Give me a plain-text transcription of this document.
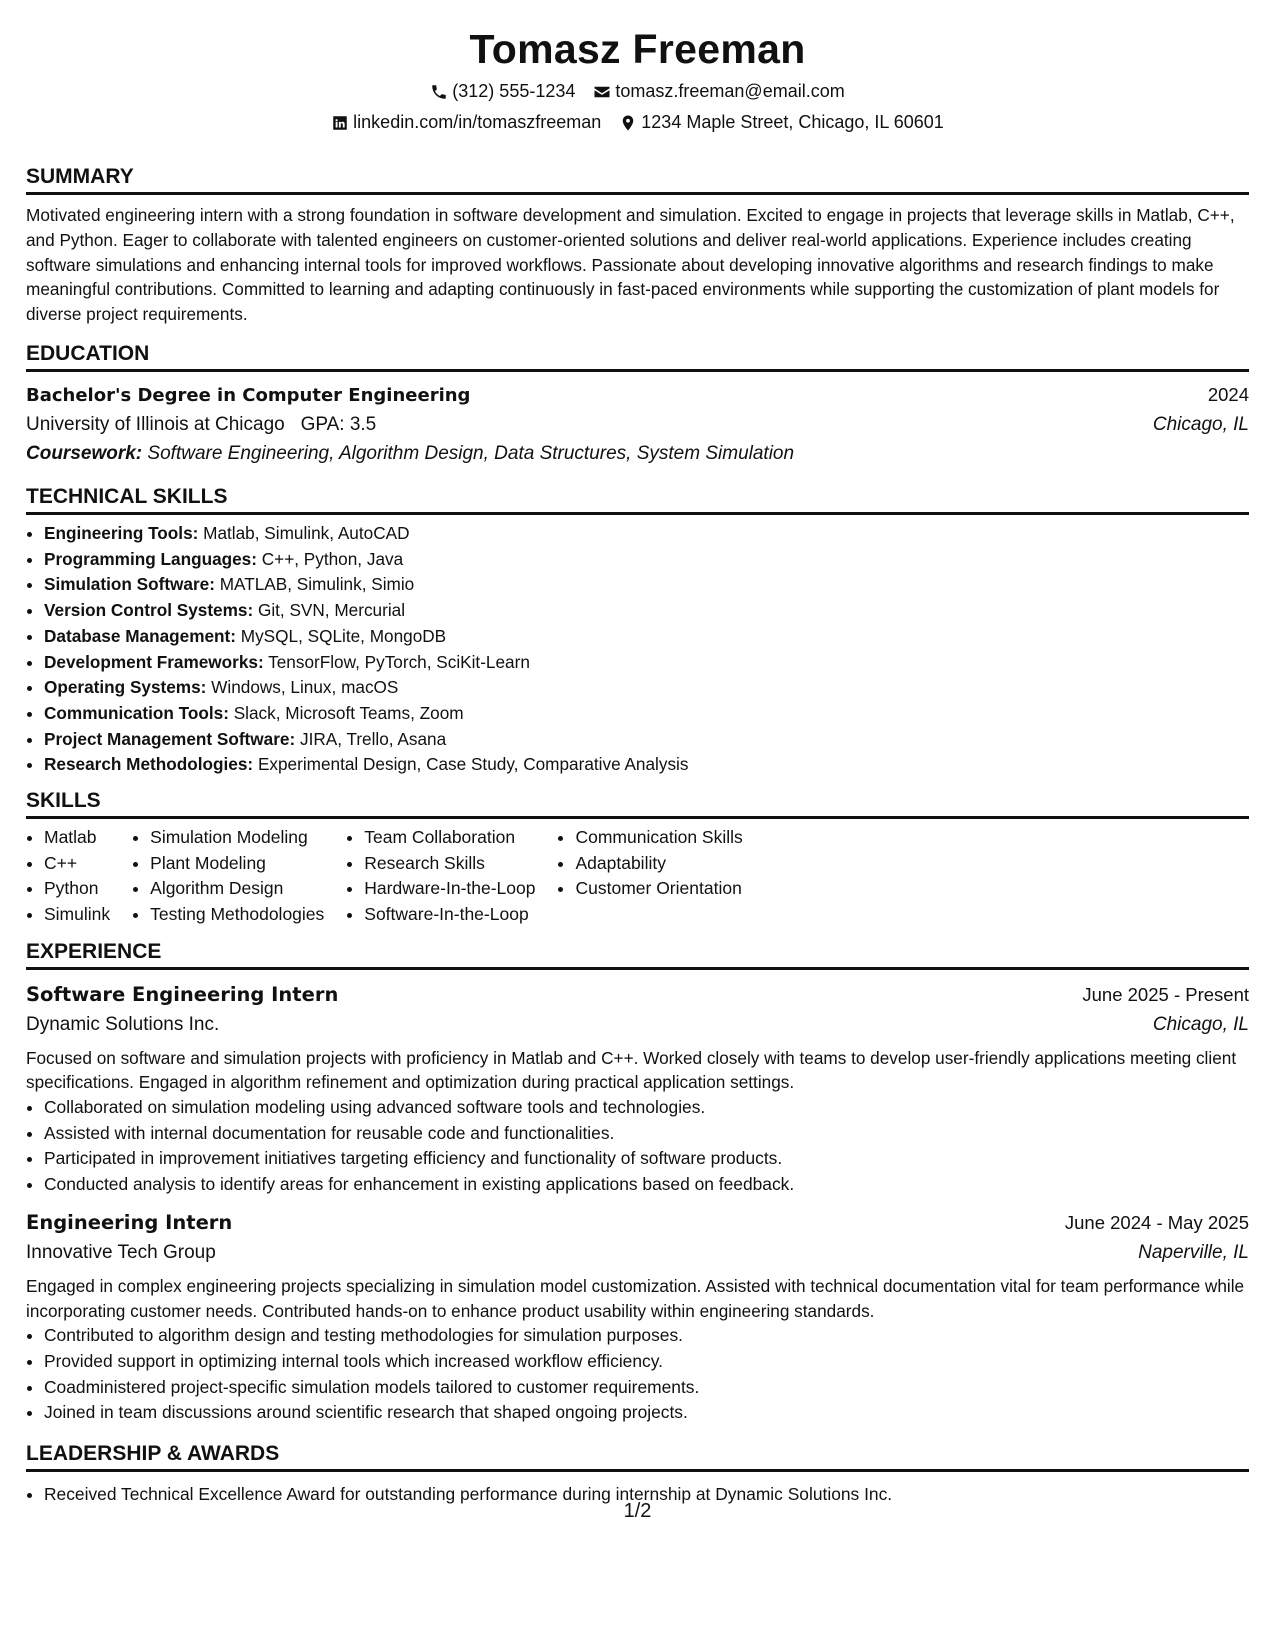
Tomasz Freeman
(312) 555-1234 tomasz.freeman@email.com
linkedin.com/in/tomaszfreeman 1234 Maple Street, Chicago, IL 60601
SUMMARY

Motivated engineering intern with a strong foundation in software development and simulation. Excited to engage in projects that leverage skills in Matlab, C++, and Python. Eager to collaborate with talented engineers on customer-oriented solutions and deliver real-world applications. Experience includes creating software simulations and enhancing internal tools for improved workflows. Passionate about developing innovative algorithms and research findings to make meaningful contributions. Committed to learning and adapting continuously in fast-paced environments while supporting the customization of plant models for diverse project requirements.

EDUCATION
Bachelor's Degree in Computer Engineering	2024
University of Illinois at Chicago GPA: 3.5	Chicago, IL
Coursework: Software Engineering, Algorithm Design, Data Structures, System Simulation
TECHNICAL SKILLS
• Engineering Tools: Matlab, Simulink, AutoCAD
• Programming Languages: C++, Python, Java
• Simulation Software: MATLAB, Simulink, Simio
• Version Control Systems: Git, SVN, Mercurial
• Database Management: MySQL, SQLite, MongoDB
• Development Frameworks: TensorFlow, PyTorch, SciKit-Learn
• Operating Systems: Windows, Linux, macOS
• Communication Tools: Slack, Microsoft Teams, Zoom
• Project Management Software: JIRA, Trello, Asana
• Research Methodologies: Experimental Design, Case Study, Comparative Analysis
SKILLS
• Matlab
• C++
• Python
• Simulink
• Simulation Modeling
• Plant Modeling
• Algorithm Design
• Testing Methodologies
• Team Collaboration
• Research Skills
• Hardware-In-the-Loop
• Software-In-the-Loop
• Communication Skills
• Adaptability
• Customer Orientation
EXPERIENCE
Software Engineering Intern	June 2025 - Present
Dynamic Solutions Inc.	Chicago, IL

Focused on software and simulation projects with proficiency in Matlab and C++. Worked closely with teams to develop user-friendly applications meeting client specifications. Engaged in algorithm refinement and optimization during practical application settings.

• Collaborated on simulation modeling using advanced software tools and technologies.
• Assisted with internal documentation for reusable code and functionalities.
• Participated in improvement initiatives targeting efficiency and functionality of software products.
• Conducted analysis to identify areas for enhancement in existing applications based on feedback.
Engineering Intern	June 2024 - May 2025
Innovative Tech Group	Naperville, IL

Engaged in complex engineering projects specializing in simulation model customization. Assisted with technical documentation vital for team performance while incorporating customer needs. Contributed hands-on to enhance product usability within engineering standards.

• Contributed to algorithm design and testing methodologies for simulation purposes.
• Provided support in optimizing internal tools which increased workflow efficiency.
• Coadministered project-specific simulation models tailored to customer requirements.
• Joined in team discussions around scientific research that shaped ongoing projects.
LEADERSHIP & AWARDS
• Received Technical Excellence Award for outstanding performance during internship at Dynamic Solutions Inc.
1/2
